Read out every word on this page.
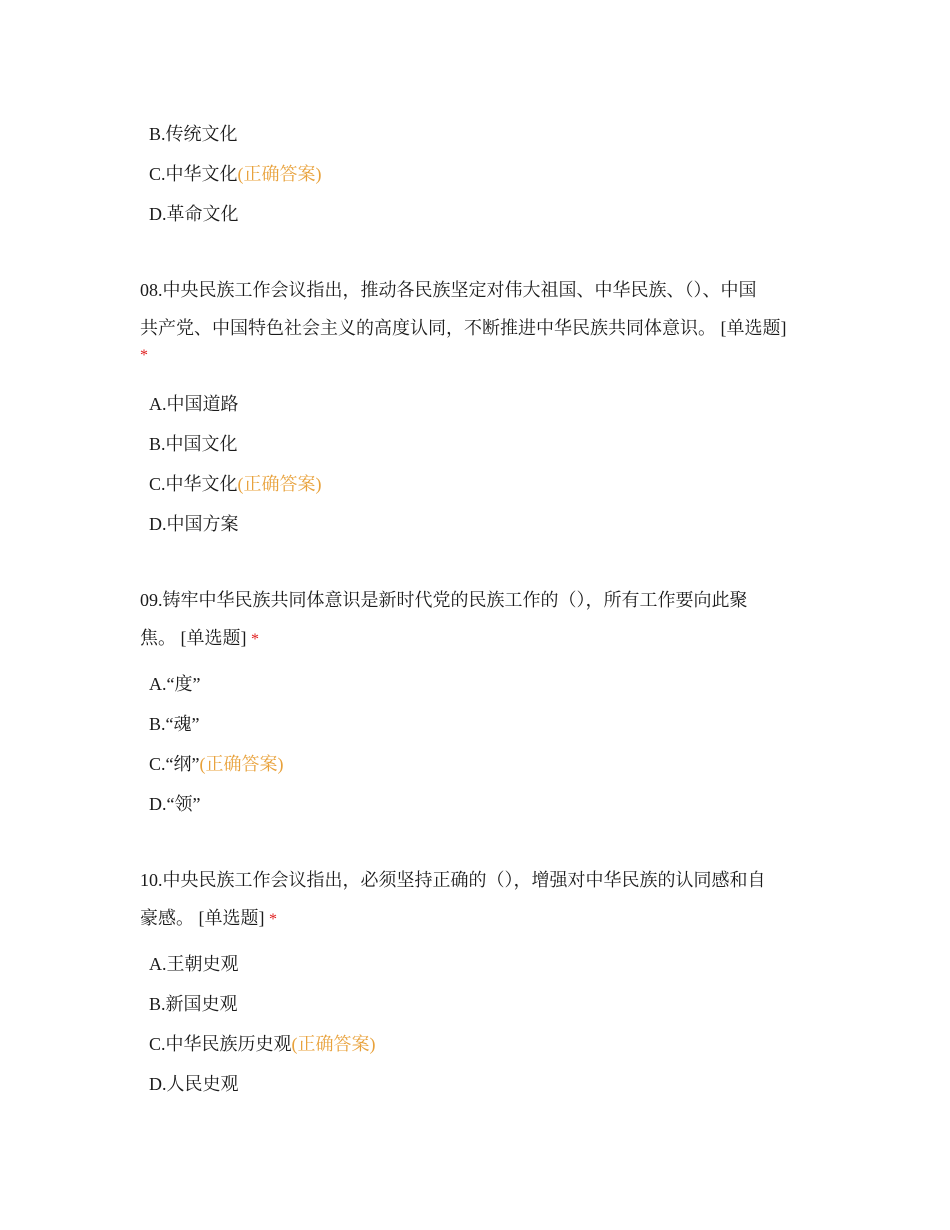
B.传统文化
C.中华文化(正确答案)
D.革命文化

08.中央民族工作会议指出，推动各民族坚定对伟大祖国、中华民族、（）、中国
共产党、中国特色社会主义的高度认同，不断推进中华民族共同体意识。 [单选题]

*
A.中国道路
B.中国文化
C.中华文化(正确答案)
D.中国方案

09.铸牢中华民族共同体意识是新时代党的民族工作的（），所有工作要向此聚
焦。 [单选题] *

A.“度”
B.“魂”
C.“纲”(正确答案)
D.“领”

10.中央民族工作会议指出，必须坚持正确的（），增强对中华民族的认同感和自
豪感。 [单选题] *

A.王朝史观
B.新国史观
C.中华民族历史观(正确答案)
D.人民史观
